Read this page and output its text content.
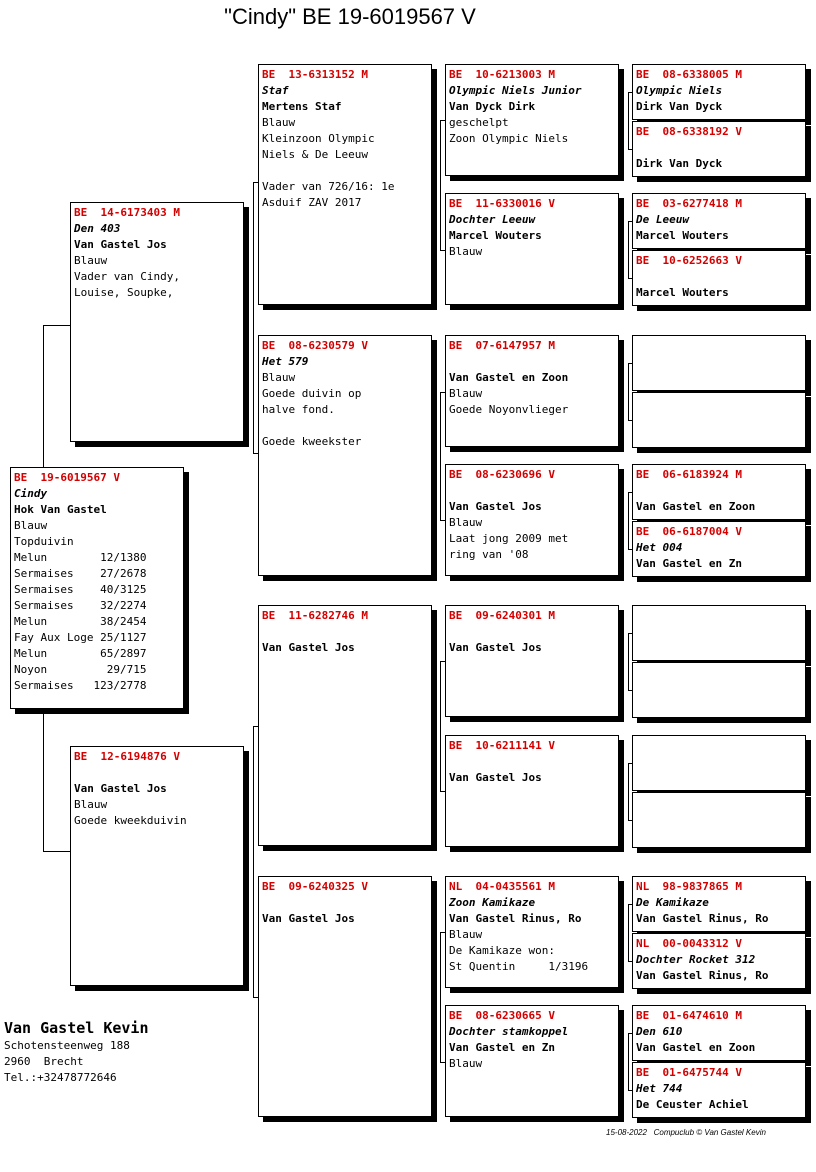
"Cindy" BE 19-6019567 V
BE  19-6019567 V
Cindy
Hok Van Gastel
Blauw
Topduivin
Melun        12/1380
Sermaises    27/2678
Sermaises    40/3125
Sermaises    32/2274
Melun        38/2454
Fay Aux Loge 25/1127
Melun        65/2897
Noyon         29/715
Sermaises   123/2778
BE  14-6173403 M
Den 403
Van Gastel Jos
Blauw
Vader van Cindy,
Louise, Soupke,
BE  12-6194876 V
Van Gastel Jos
Blauw
Goede kweekduivin
BE  13-6313152 M
Staf
Mertens Staf
Blauw
Kleinzoon Olympic
Niels & De Leeuw
Vader van 726/16: 1e
Asduif ZAV 2017
BE  08-6230579 V
Het 579
Blauw
Goede duivin op
halve fond.
Goede kweekster
BE  11-6282746 M
Van Gastel Jos
BE  09-6240325 V
Van Gastel Jos
BE  10-6213003 M
Olympic Niels Junior
Van Dyck Dirk
geschelpt
Zoon Olympic Niels
BE  11-6330016 V
Dochter Leeuw
Marcel Wouters
Blauw
BE  07-6147957 M
Van Gastel en Zoon
Blauw
Goede Noyonvlieger
BE  08-6230696 V
Van Gastel Jos
Blauw
Laat jong 2009 met
ring van '08
BE  09-6240301 M
Van Gastel Jos
BE  10-6211141 V
Van Gastel Jos
NL  04-0435561 M
Zoon Kamikaze
Van Gastel Rinus, Ro
Blauw
De Kamikaze won:
St Quentin     1/3196
BE  08-6230665 V
Dochter stamkoppel
Van Gastel en Zn
Blauw
BE  08-6338005 M
Olympic Niels
Dirk Van Dyck
BE  08-6338192 V
Dirk Van Dyck
BE  03-6277418 M
De Leeuw
Marcel Wouters
BE  10-6252663 V
Marcel Wouters
BE  06-6183924 M
Van Gastel en Zoon
BE  06-6187004 V
Het 004
Van Gastel en Zn
NL  98-9837865 M
De Kamikaze
Van Gastel Rinus, Ro
NL  00-0043312 V
Dochter Rocket 312
Van Gastel Rinus, Ro
BE  01-6474610 M
Den 610
Van Gastel en Zoon
BE  01-6475744 V
Het 744
De Ceuster Achiel
Van Gastel Kevin
Schotensteenweg 188
2960  Brecht
Tel.:+32478772646
15-08-2022 Compuclub © Van Gastel Kevin
